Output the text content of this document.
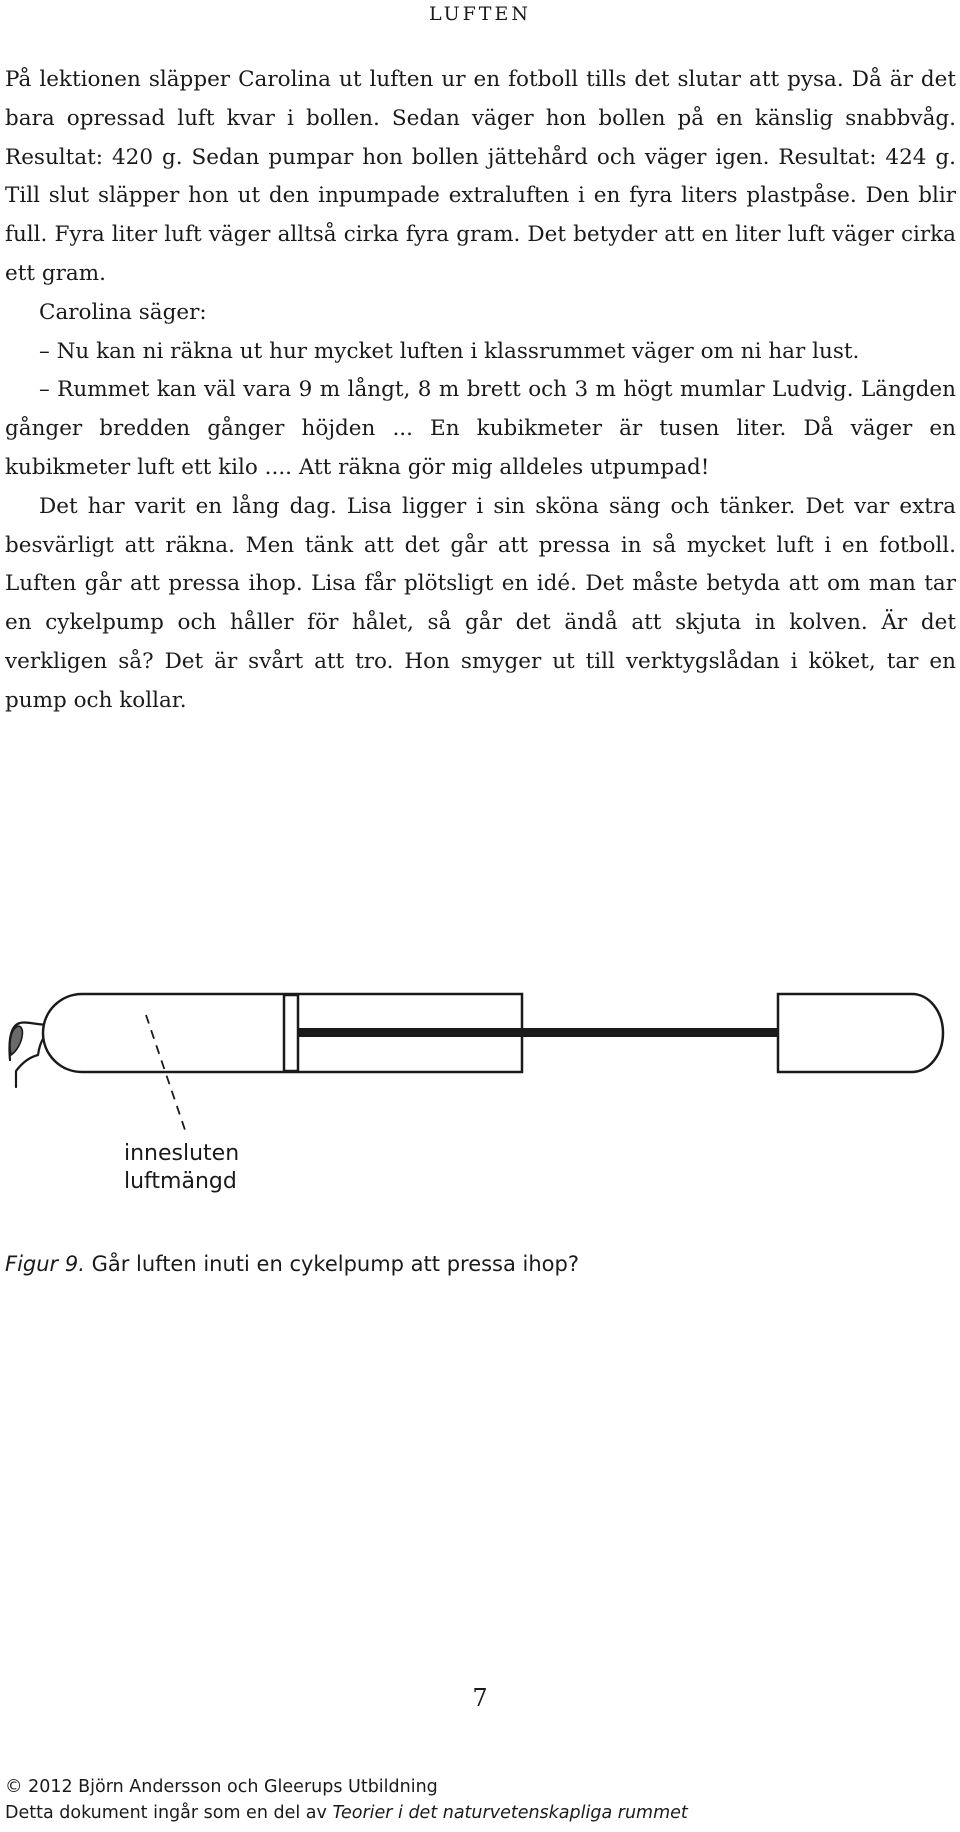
LUFTEN

På lektionen släpper Carolina ut luften ur en fotboll tills det slutar att pysa. Då är det bara opressad luft kvar i bollen. Sedan väger hon bollen på en känslig snabbvåg. Resultat: 420 g. Sedan pumpar hon bollen jättehård och väger igen. Resultat: 424 g. Till slut släpper hon ut den inpumpade extraluften i en fyra liters plastpåse. Den blir full. Fyra liter luft väger alltså cirka fyra gram. Det betyder att en liter luft väger cirka ett gram.

Carolina säger:

– Nu kan ni räkna ut hur mycket luften i klassrummet väger om ni har lust.

– Rummet kan väl vara 9 m långt, 8 m brett och 3 m högt mumlar Ludvig. Längden gånger bredden gånger höjden ... En kubikmeter är tusen liter. Då väger en kubikmeter luft ett kilo .... Att räkna gör mig alldeles utpumpad!

Det har varit en lång dag. Lisa ligger i sin sköna säng och tänker. Det var extra besvärligt att räkna. Men tänk att det går att pressa in så mycket luft i en fotboll. Luften går att pressa ihop. Lisa får plötsligt en idé. Det måste betyda att om man tar en cykelpump och håller för hålet, så går det ändå att skjuta in kolven. Är det verkligen så? Det är svårt att tro. Hon smyger ut till verktygslådan i köket, tar en pump och kollar.

innesluten
luftmängd
Figur 9. Går luften inuti en cykelpump att pressa ihop?
7
© 2012 Björn Andersson och Gleerups Utbildning
Detta dokument ingår som en del av Teorier i det naturvetenskapliga rummet
